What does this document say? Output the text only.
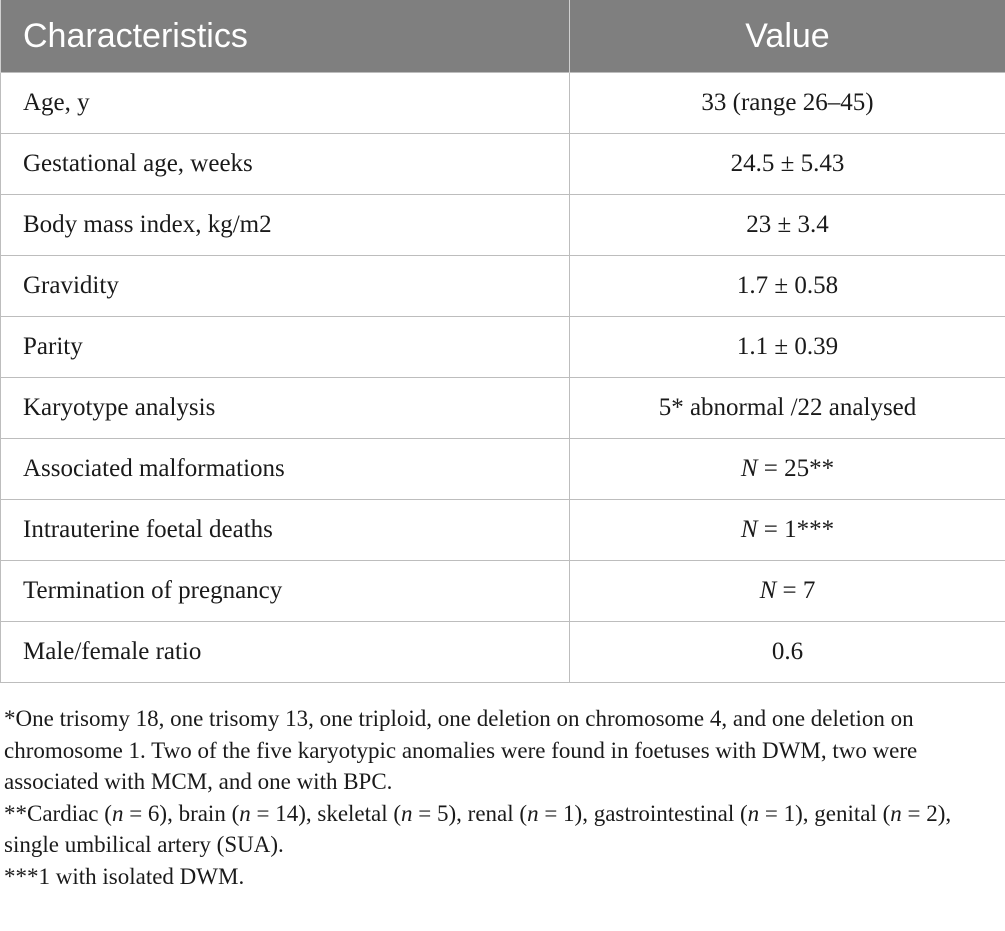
Characteristics	Value
Age, y	33 (range 26–45)
Gestational age, weeks	24.5 ± 5.43
Body mass index, kg/m2	23 ± 3.4
Gravidity	1.7 ± 0.58
Parity	1.1 ± 0.39
Karyotype analysis	5* abnormal /22 analysed
Associated malformations	N = 25**
Intrauterine foetal deaths	N = 1***
Termination of pregnancy	N = 7
Male/female ratio	0.6

*One trisomy 18, one trisomy 13, one triploid, one deletion on chromosome 4, and one deletion on chromosome 1. Two of the five karyotypic anomalies were found in foetuses with DWM, two were associated with MCM, and one with BPC.

**Cardiac (n = 6), brain (n = 14), skeletal (n = 5), renal (n = 1), gastrointestinal (n = 1), genital (n = 2), single umbilical artery (SUA).

***1 with isolated DWM.
